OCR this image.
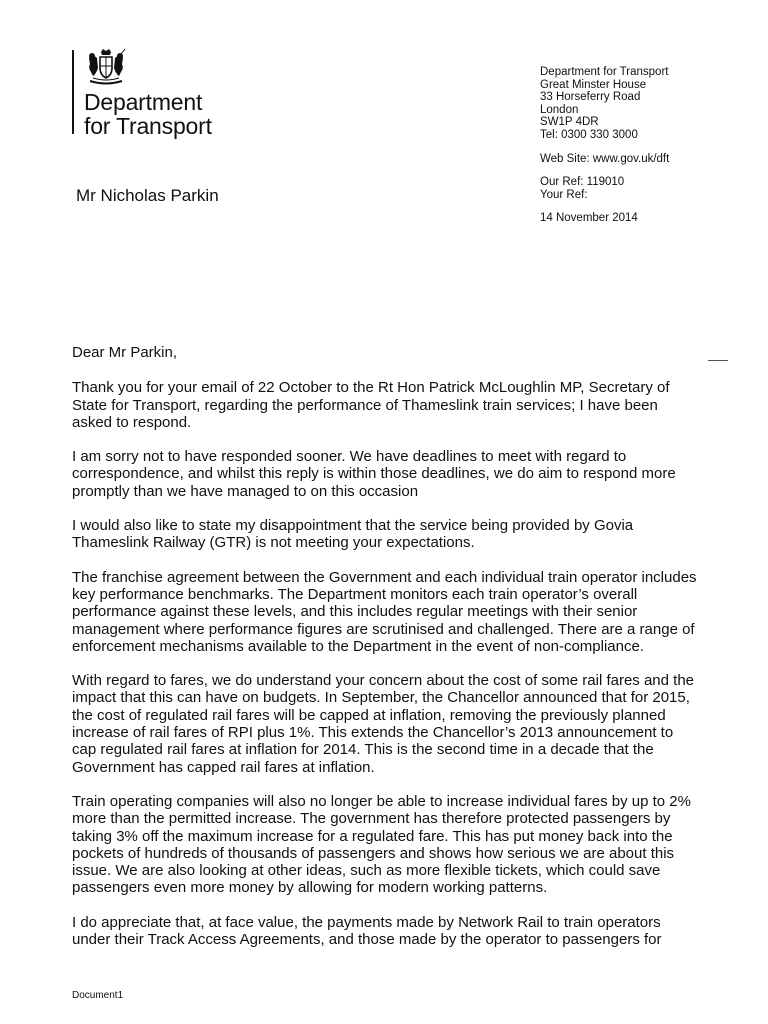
Department
for Transport
Mr Nicholas Parkin
Department for Transport
Great Minster House
33 Horseferry Road
London
SW1P 4DR
Tel: 0300 330 3000
Web Site: www.gov.uk/dft
Our Ref: 119010
Your Ref:
14 November 2014

Dear Mr Parkin,

Thank you for your email of 22 October to the Rt Hon Patrick McLoughlin MP, Secretary of State for Transport, regarding the performance of Thameslink train services; I have been asked to respond.

I am sorry not to have responded sooner. We have deadlines to meet with regard to correspondence, and whilst this reply is within those deadlines, we do aim to respond more promptly than we have managed to on this occasion

I would also like to state my disappointment that the service being provided by Govia Thameslink Railway (GTR) is not meeting your expectations.

The franchise agreement between the Government and each individual train operator includes key performance benchmarks. The Department monitors each train operator’s overall performance against these levels, and this includes regular meetings with their senior management where performance figures are scrutinised and challenged. There are a range of enforcement mechanisms available to the Department in the event of non-compliance.

With regard to fares, we do understand your concern about the cost of some rail fares and the impact that this can have on budgets. In September, the Chancellor announced that for 2015, the cost of regulated rail fares will be capped at inflation, removing the previously planned increase of rail fares of RPI plus 1%. This extends the Chancellor’s 2013 announcement to cap regulated rail fares at inflation for 2014. This is the second time in a decade that the Government has capped rail fares at inflation.

Train operating companies will also no longer be able to increase individual fares by up to 2% more than the permitted increase. The government has therefore protected passengers by taking 3% off the maximum increase for a regulated fare. This has put money back into the pockets of hundreds of thousands of passengers and shows how serious we are about this issue. We are also looking at other ideas, such as more flexible tickets, which could save passengers even more money by allowing for modern working patterns.

I do appreciate that, at face value, the payments made by Network Rail to train operators under their Track Access Agreements, and those made by the operator to passengers for

Document1
